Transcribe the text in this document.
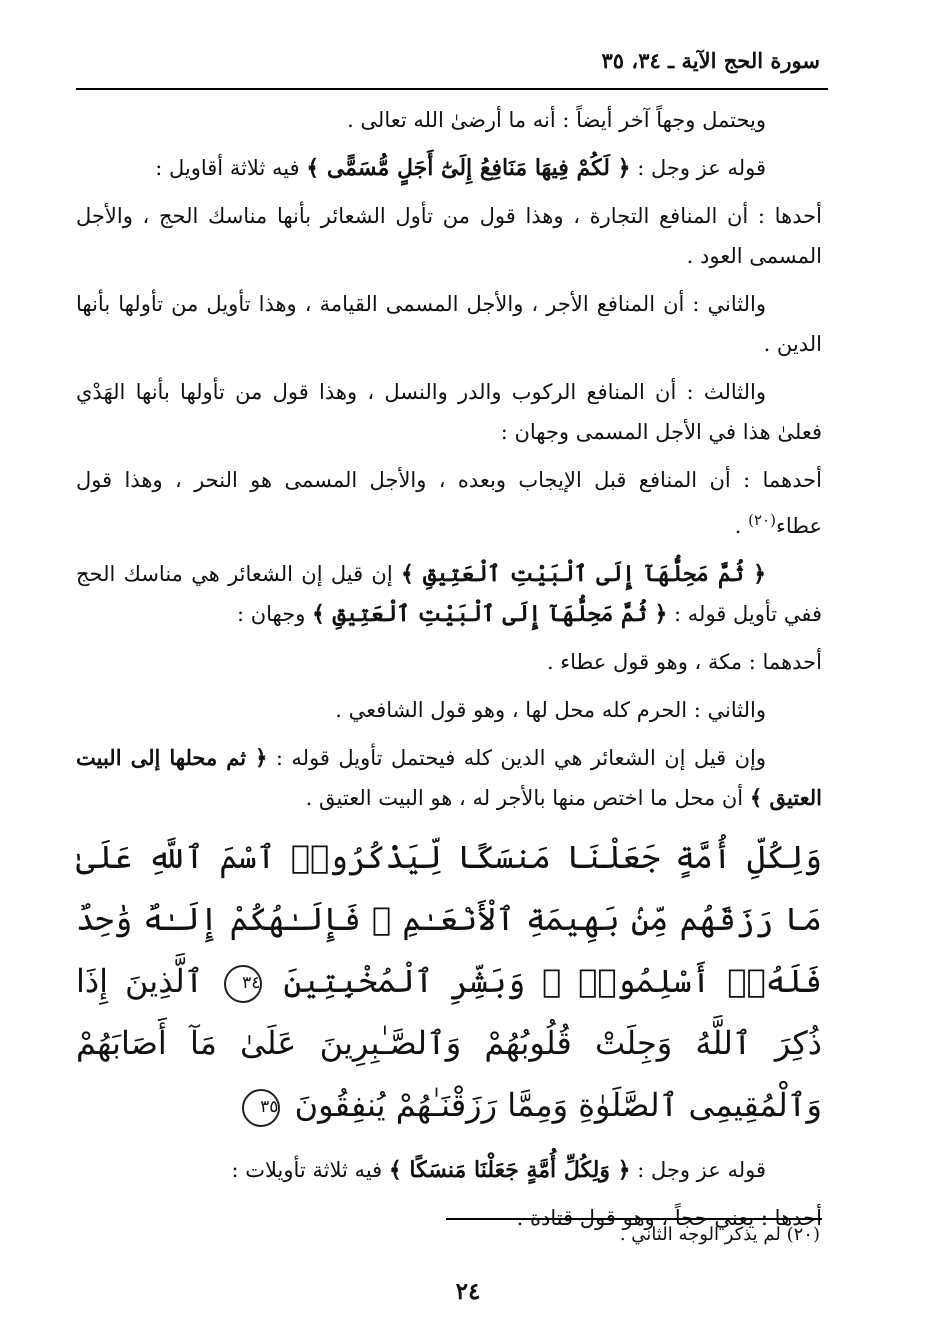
سورة الحج الآية ـ ٣٤، ٣٥

ويحتمل وجهاً آخر أيضاً : أنه ما أرضىٰ الله تعالى .

قوله عز وجل : ﴿ لَكُمْ فِيهَا مَنَافِعُ إِلَىٰٓ أَجَلٍ مُّسَمًّى ﴾ فيه ثلاثة أقاويل :

أحدها : أن المنافع التجارة ، وهذا قول من تأول الشعائر بأنها مناسك الحج ، والأجل المسمى العود .

والثاني : أن المنافع الأجر ، والأجل المسمى القيامة ، وهذا تأويل من تأولها بأنها الدين .

والثالث : أن المنافع الركوب والدر والنسل ، وهذا قول من تأولها بأنها الهَدْي فعلىٰ هذا في الأجل المسمى وجهان :

أحدهما : أن المنافع قبل الإيجاب وبعده ، والأجل المسمى هو النحر ، وهذا قول عطاء$^{(٢٠)}$ .

﴿ ثُمَّ مَحِلُّهَآ إِلَى ٱلْبَيْتِ ٱلْعَتِيقِ ﴾ إن قيل إن الشعائر هي مناسك الحج ففي تأويل قوله : ﴿ ثُمَّ مَحِلُّهَآ إِلَى ٱلْبَيْتِ ٱلْعَتِيقِ ﴾ وجهان :

أحدهما : مكة ، وهو قول عطاء .

والثاني : الحرم كله محل لها ، وهو قول الشافعي .

وإن قيل إن الشعائر هي الدين كله فيحتمل تأويل قوله : ﴿ ثم محلها إلى البيت العتيق ﴾ أن محل ما اختص منها بالأجر له ، هو البيت العتيق .

وَلِكُلِّ أُمَّةٍ جَعَلْنَا مَنسَكًا لِّيَذْكُرُوا۟ ٱسْمَ ٱللَّهِ عَلَىٰ مَا رَزَقَهُم مِّنۢ بَهِيمَةِ ٱلْأَنْعَـٰمِ ۗ فَإِلَـٰهُكُمْ إِلَـٰهٌ وَٰحِدٌ فَلَهُۥٓ أَسْلِمُوا۟ ۗ وَبَشِّرِ ٱلْمُخْبِتِينَ ٣٤ ٱلَّذِينَ إِذَا ذُكِرَ ٱللَّهُ وَجِلَتْ قُلُوبُهُمْ وَٱلصَّـٰبِرِينَ عَلَىٰ مَآ أَصَابَهُمْ وَٱلْمُقِيمِى ٱلصَّلَوٰةِ وَمِمَّا رَزَقْنَـٰهُمْ يُنفِقُونَ ٣٥

قوله عز وجل : ﴿ وَلِكُلِّ أُمَّةٍ جَعَلْنَا مَنسَكًا ﴾ فيه ثلاثة تأويلات :

أحدها : يعني حجاً ، وهو قول قتادة .

(٢٠) لم يذكر الوجه الثاني .
٢٤
